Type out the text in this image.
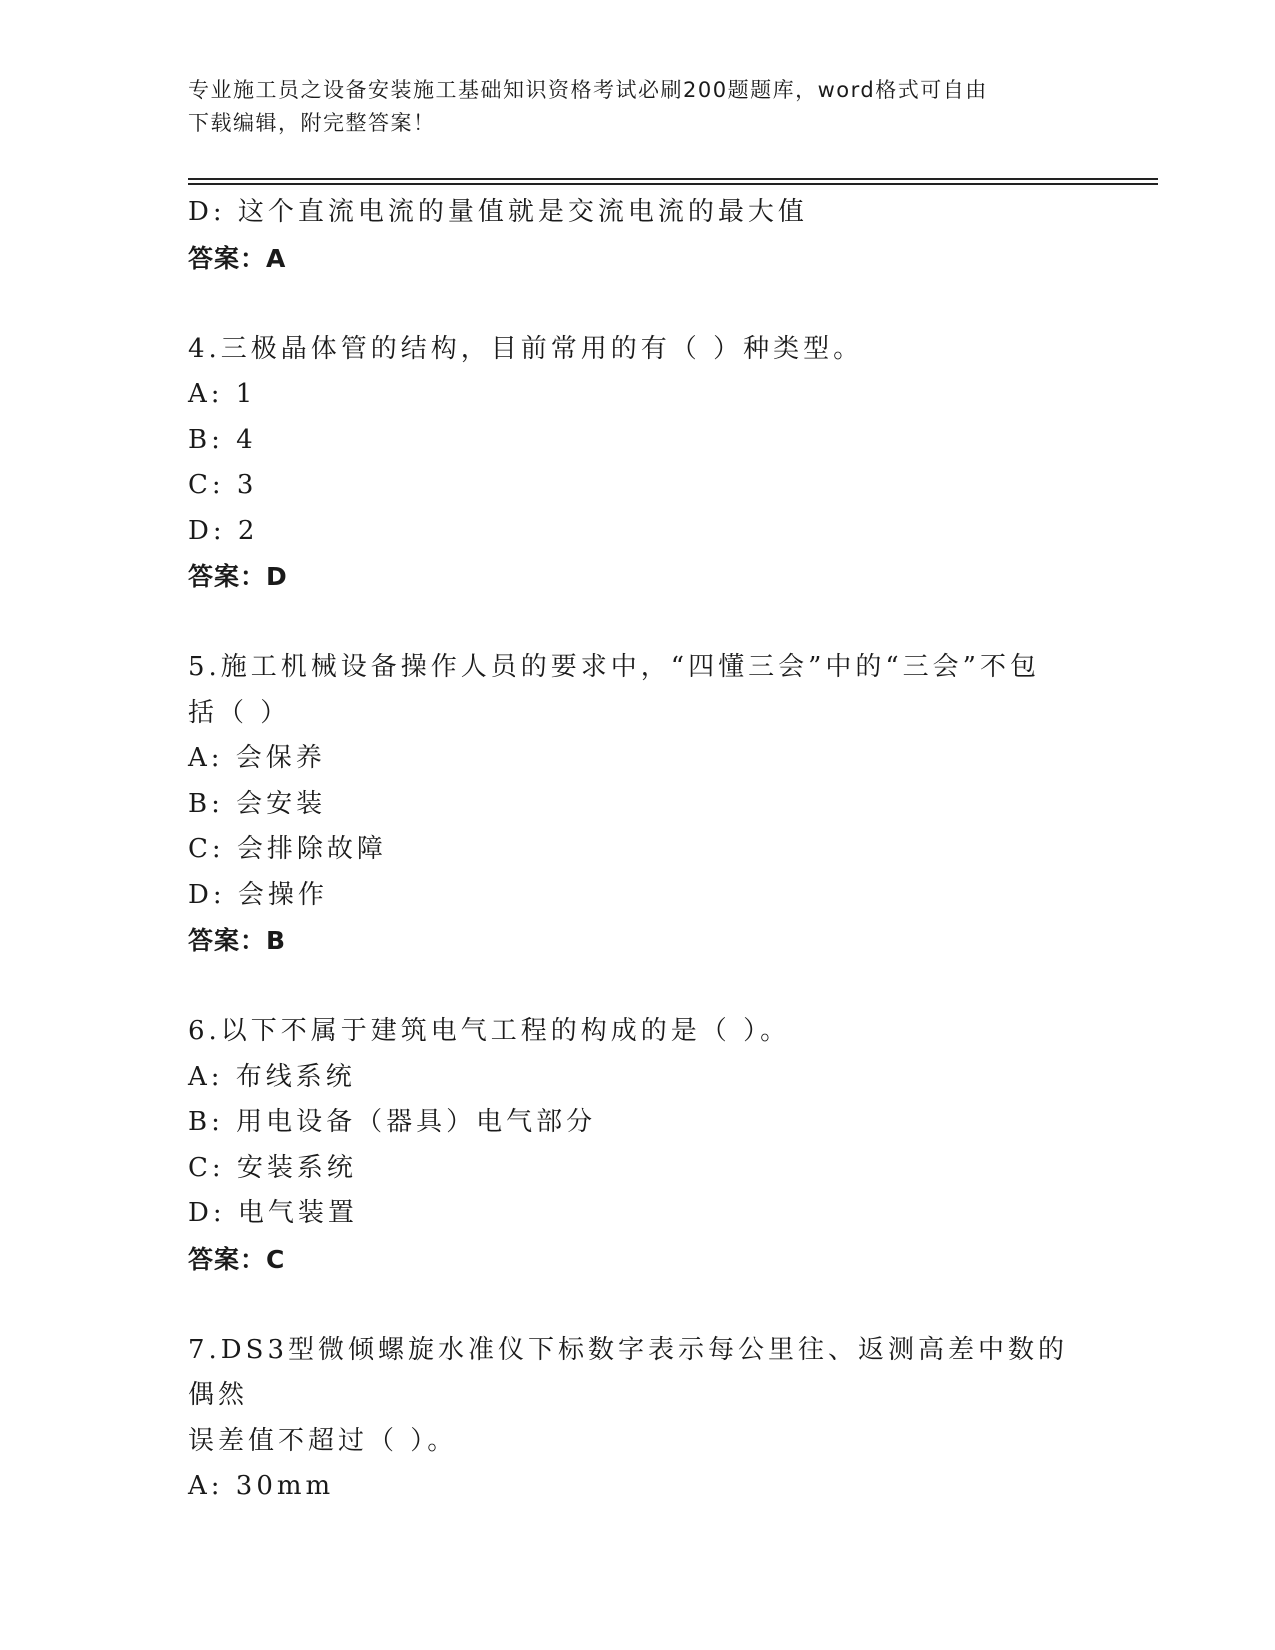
专业施工员之设备安装施工基础知识资格考试必刷200题题库，word格式可自由
下载编辑，附完整答案！
D: 这个直流电流的量值就是交流电流的最大值
答案：A
4.三极晶体管的结构，目前常用的有（ ）种类型。
A: 1
B: 4
C: 3
D: 2
答案：D
5.施工机械设备操作人员的要求中，“四懂三会”中的“三会”不包
括（ ）
A: 会保养
B: 会安装
C: 会排除故障
D: 会操作
答案：B
6.以下不属于建筑电气工程的构成的是（ ）。
A: 布线系统
B: 用电设备（器具）电气部分
C: 安装系统
D: 电气装置
答案：C
7.DS3型微倾螺旋水准仪下标数字表示每公里往、返测高差中数的偶然
误差值不超过（ ）。
A: 30mm
